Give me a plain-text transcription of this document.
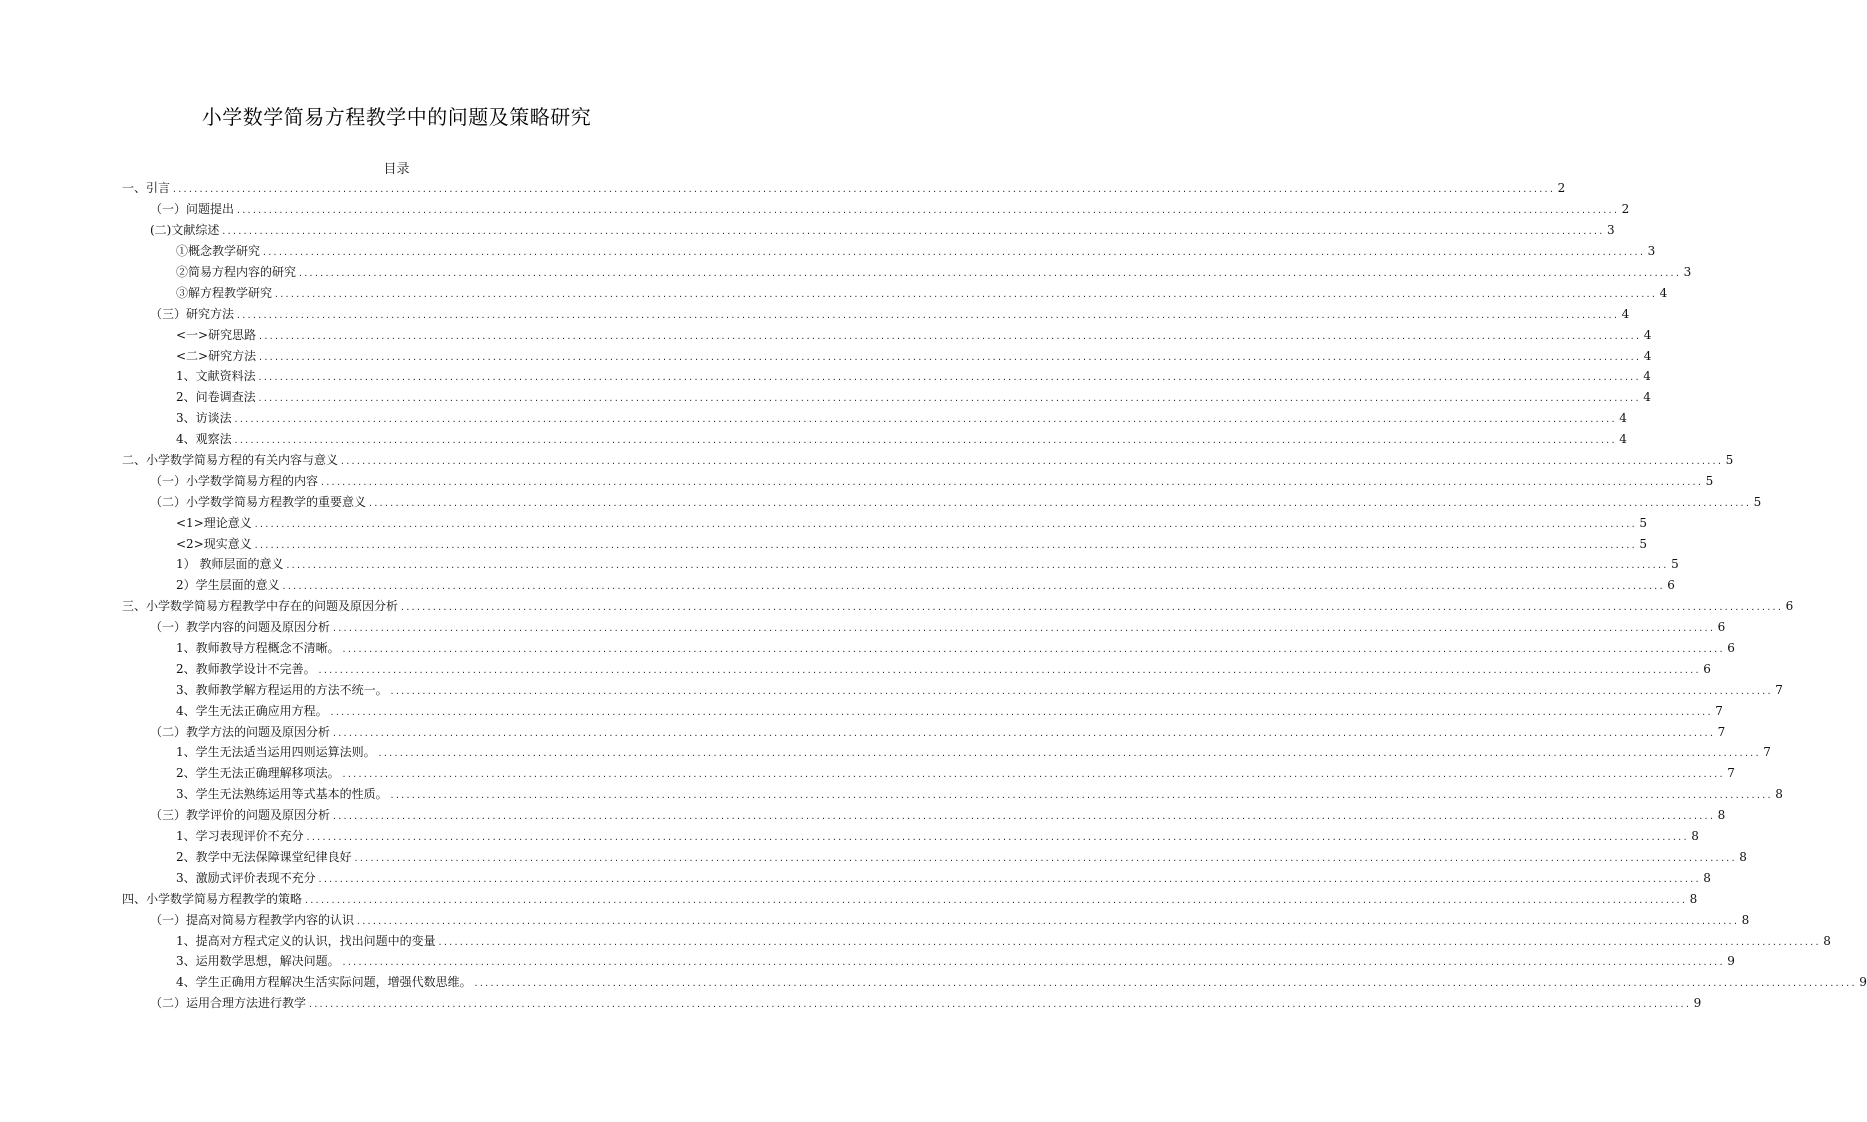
小学数学简易方程教学中的问题及策略研究
目录
一、引言 .................................................................................................................................................................................................................................................................... 2
（一）问题提出 .................................................................................................................................................................................................................................................................... 2
(二)文献综述 .................................................................................................................................................................................................................................................................... 3
①概念教学研究 .................................................................................................................................................................................................................................................................... 3
②简易方程内容的研究 .................................................................................................................................................................................................................................................................... 3
③解方程教学研究 .................................................................................................................................................................................................................................................................... 4
（三）研究方法 .................................................................................................................................................................................................................................................................... 4
<一>研究思路 .................................................................................................................................................................................................................................................................... 4
<二>研究方法 .................................................................................................................................................................................................................................................................... 4
1、文献资料法 .................................................................................................................................................................................................................................................................... 4
2、问卷调查法 .................................................................................................................................................................................................................................................................... 4
3、访谈法 .................................................................................................................................................................................................................................................................... 4
4、观察法 .................................................................................................................................................................................................................................................................... 4
二、小学数学简易方程的有关内容与意义 .................................................................................................................................................................................................................................................................... 5
（一）小学数学简易方程的内容 .................................................................................................................................................................................................................................................................... 5
（二）小学数学简易方程教学的重要意义 .................................................................................................................................................................................................................................................................... 5
<1>理论意义 .................................................................................................................................................................................................................................................................... 5
<2>现实意义 .................................................................................................................................................................................................................................................................... 5
1） 教师层面的意义 .................................................................................................................................................................................................................................................................... 5
2）学生层面的意义 .................................................................................................................................................................................................................................................................... 6
三、小学数学简易方程教学中存在的问题及原因分析 .................................................................................................................................................................................................................................................................... 6
（一）教学内容的问题及原因分析 .................................................................................................................................................................................................................................................................... 6
1、教师教导方程概念不清晰。 .................................................................................................................................................................................................................................................................... 6
2、教师教学设计不完善。 .................................................................................................................................................................................................................................................................... 6
3、教师教学解方程运用的方法不统一。 .................................................................................................................................................................................................................................................................... 7
4、学生无法正确应用方程。 .................................................................................................................................................................................................................................................................... 7
（二）教学方法的问题及原因分析 .................................................................................................................................................................................................................................................................... 7
1、学生无法适当运用四则运算法则。 .................................................................................................................................................................................................................................................................... 7
2、学生无法正确理解移项法。 .................................................................................................................................................................................................................................................................... 7
3、学生无法熟练运用等式基本的性质。 .................................................................................................................................................................................................................................................................... 8
（三）教学评价的问题及原因分析 .................................................................................................................................................................................................................................................................... 8
1、学习表现评价不充分 .................................................................................................................................................................................................................................................................... 8
2、教学中无法保障课堂纪律良好 .................................................................................................................................................................................................................................................................... 8
3、激励式评价表现不充分 .................................................................................................................................................................................................................................................................... 8
四、小学数学简易方程教学的策略 .................................................................................................................................................................................................................................................................... 8
（一）提高对简易方程教学内容的认识 .................................................................................................................................................................................................................................................................... 8
1、提高对方程式定义的认识，找出问题中的变量 .................................................................................................................................................................................................................................................................... 8
3、运用数学思想，解决问题。 .................................................................................................................................................................................................................................................................... 9
4、学生正确用方程解决生活实际问题，增强代数思维。 .................................................................................................................................................................................................................................................................... 9
（二）运用合理方法进行教学 .................................................................................................................................................................................................................................................................... 9
